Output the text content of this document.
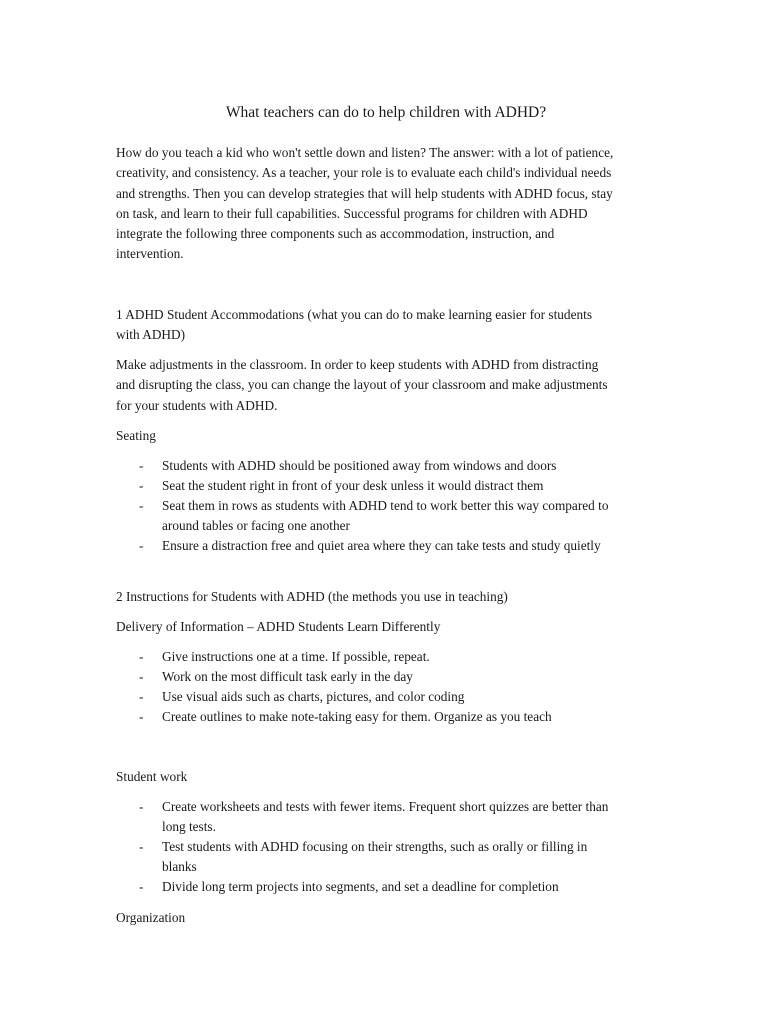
What teachers can do to help children with ADHD?

How do you teach a kid who won't settle down and listen? The answer: with a lot of patience,
creativity, and consistency. As a teacher, your role is to evaluate each child's individual needs
and strengths. Then you can develop strategies that will help students with ADHD focus, stay
on task, and learn to their full capabilities. Successful programs for children with ADHD
integrate the following three components such as accommodation, instruction, and
intervention.

1 ADHD Student Accommodations (what you can do to make learning easier for students
with ADHD)

Make adjustments in the classroom. In order to keep students with ADHD from distracting
and disrupting the class, you can change the layout of your classroom and make adjustments
for your students with ADHD.

Seating

- Students with ADHD should be positioned away from windows and doors
- Seat the student right in front of your desk unless it would distract them
- Seat them in rows as students with ADHD tend to work better this way compared to
around tables or facing one another
- Ensure a distraction free and quiet area where they can take tests and study quietly

2 Instructions for Students with ADHD (the methods you use in teaching)

Delivery of Information – ADHD Students Learn Differently

- Give instructions one at a time. If possible, repeat.
- Work on the most difficult task early in the day
- Use visual aids such as charts, pictures, and color coding
- Create outlines to make note-taking easy for them. Organize as you teach

Student work

- Create worksheets and tests with fewer items. Frequent short quizzes are better than
long tests.
- Test students with ADHD focusing on their strengths, such as orally or filling in
blanks
- Divide long term projects into segments, and set a deadline for completion

Organization
